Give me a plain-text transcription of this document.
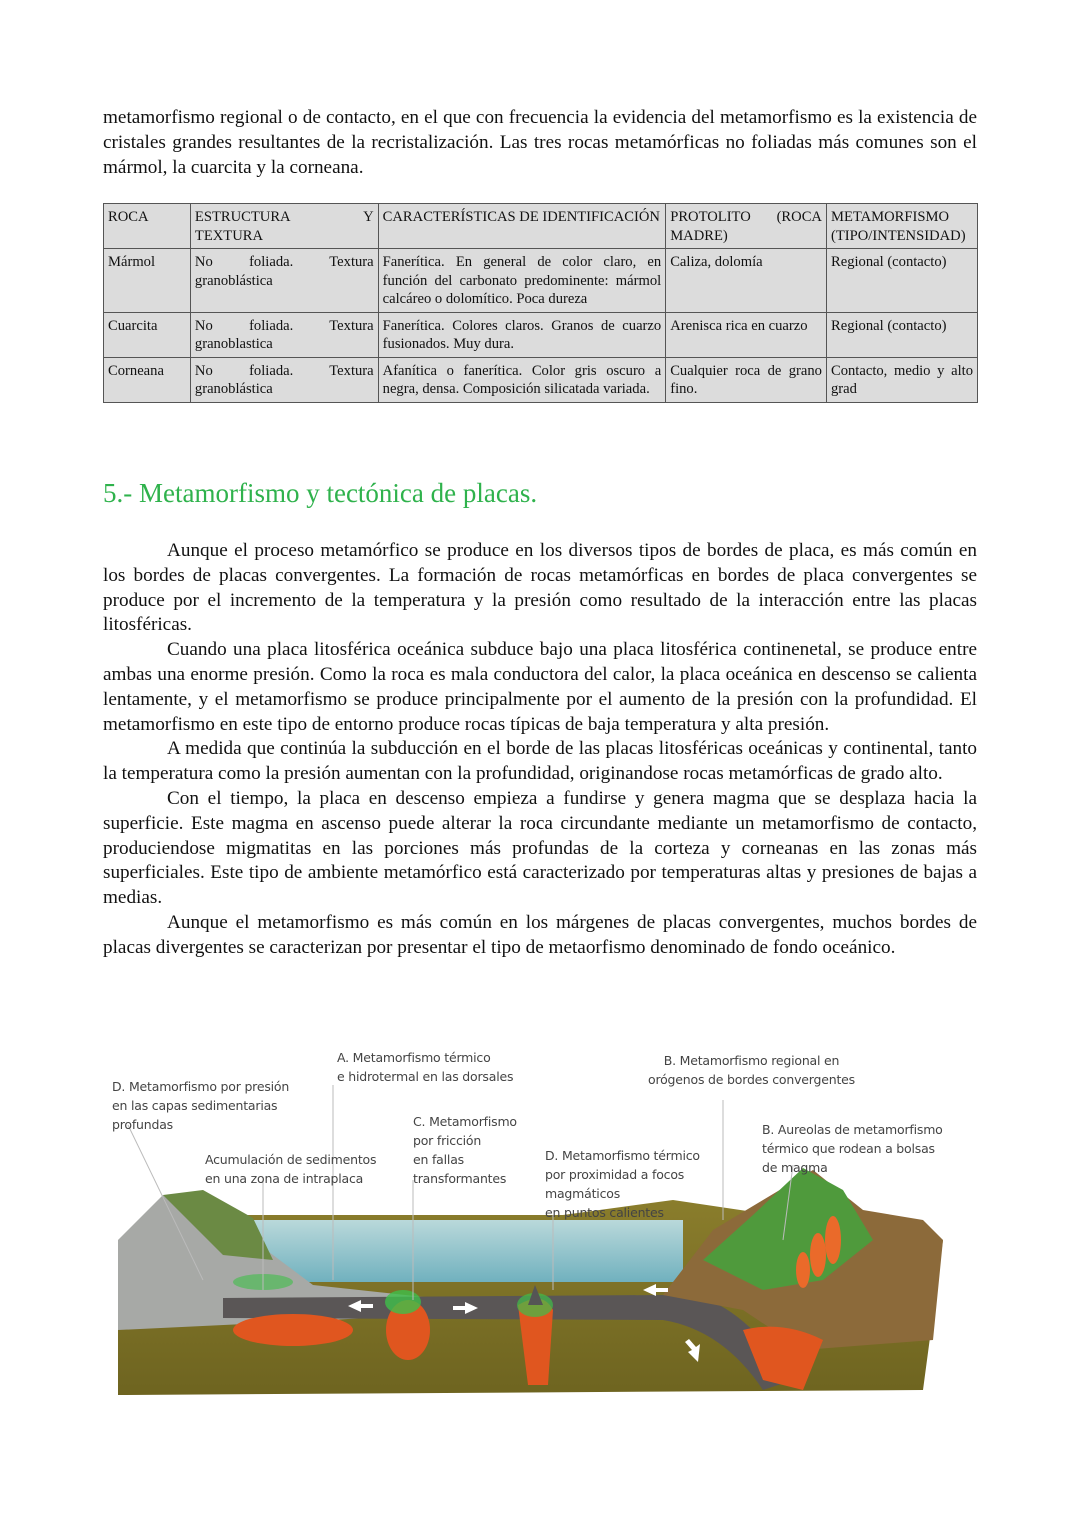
metamorfismo regional o de contacto, en el que con frecuencia la evidencia del metamorfismo es la existencia de cristales grandes resultantes de la recristalización. Las tres rocas metamórficas no foliadas más comunes son el mármol, la cuarcita y la corneana.

ROCA	ESTRUCTURA Y TEXTURA	CARACTERÍSTICAS DE IDENTIFICACIÓN	PROTOLITO (ROCA MADRE)	METAMORFISMO (TIPO/INTENSIDAD)
Mármol	No foliada. Textura granoblástica	Fanerítica. En general de color claro, en función del carbonato predominente: mármol calcáreo o dolomítico. Poca dureza	Caliza, dolomía	Regional (contacto)
Cuarcita	No foliada. Textura granoblastica	Fanerítica. Colores claros. Granos de cuarzo fusionados. Muy dura.	Arenisca rica en cuarzo	Regional (contacto)
Corneana	No foliada. Textura granoblástica	Afanítica o fanerítica. Color gris oscuro a negra, densa. Composición silicatada variada.	Cualquier roca de grano fino.	Contacto, medio y alto grad
5.- Metamorfismo y tectónica de placas.
Aunque el proceso metamórfico se produce en los diversos tipos de bordes de placa, es más común en los bordes de placas convergentes. La formación de rocas metamórficas en bordes de placa convergentes se produce por el incremento de la temperatura y la presión como resultado de la interacción entre las placas litosféricas.
Cuando una placa litosférica oceánica subduce bajo una placa litosférica continenetal, se produce entre ambas una enorme presión. Como la roca es mala conductora del calor, la placa oceánica en descenso se calienta lentamente, y el metamorfismo se produce principalmente por el aumento de la presión con la profundidad. El metamorfismo en este tipo de entorno produce rocas típicas de baja temperatura y alta presión.
A medida que continúa la subducción en el borde de las placas litosféricas oceánicas y continental, tanto la temperatura como la presión aumentan con la profundidad, originandose rocas metamórficas de grado alto.
Con el tiempo, la placa en descenso empieza a fundirse y genera magma que se desplaza hacia la superficie. Este magma en ascenso puede alterar la roca circundante mediante un metamorfismo de contacto, produciendose migmatitas en las porciones más profundas de la corteza y corneanas en las zonas más superficiales. Este tipo de ambiente metamórfico está caracterizado por temperaturas altas y presiones de bajas a medias.
Aunque el metamorfismo es más común en los márgenes de placas convergentes, muchos bordes de placas divergentes se caracterizan por presentar el tipo de metaorfismo denominado de fondo oceánico.
A. Metamorfismo térmico
e hidrotermal en las dorsales
B. Metamorfismo regional en
orógenos de bordes convergentes
D. Metamorfismo por presión
en las capas sedimentarias
profundas	C. Metamorfismo
por fricción
en fallas
transformantes
Acumulación de sedimentos
en una zona de intraplaca
D. Metamorfismo térmico
por proximidad a focos
magmáticos
en puntos calientes
B. Aureolas de metamorfismo
térmico que rodean a bolsas
de magma
